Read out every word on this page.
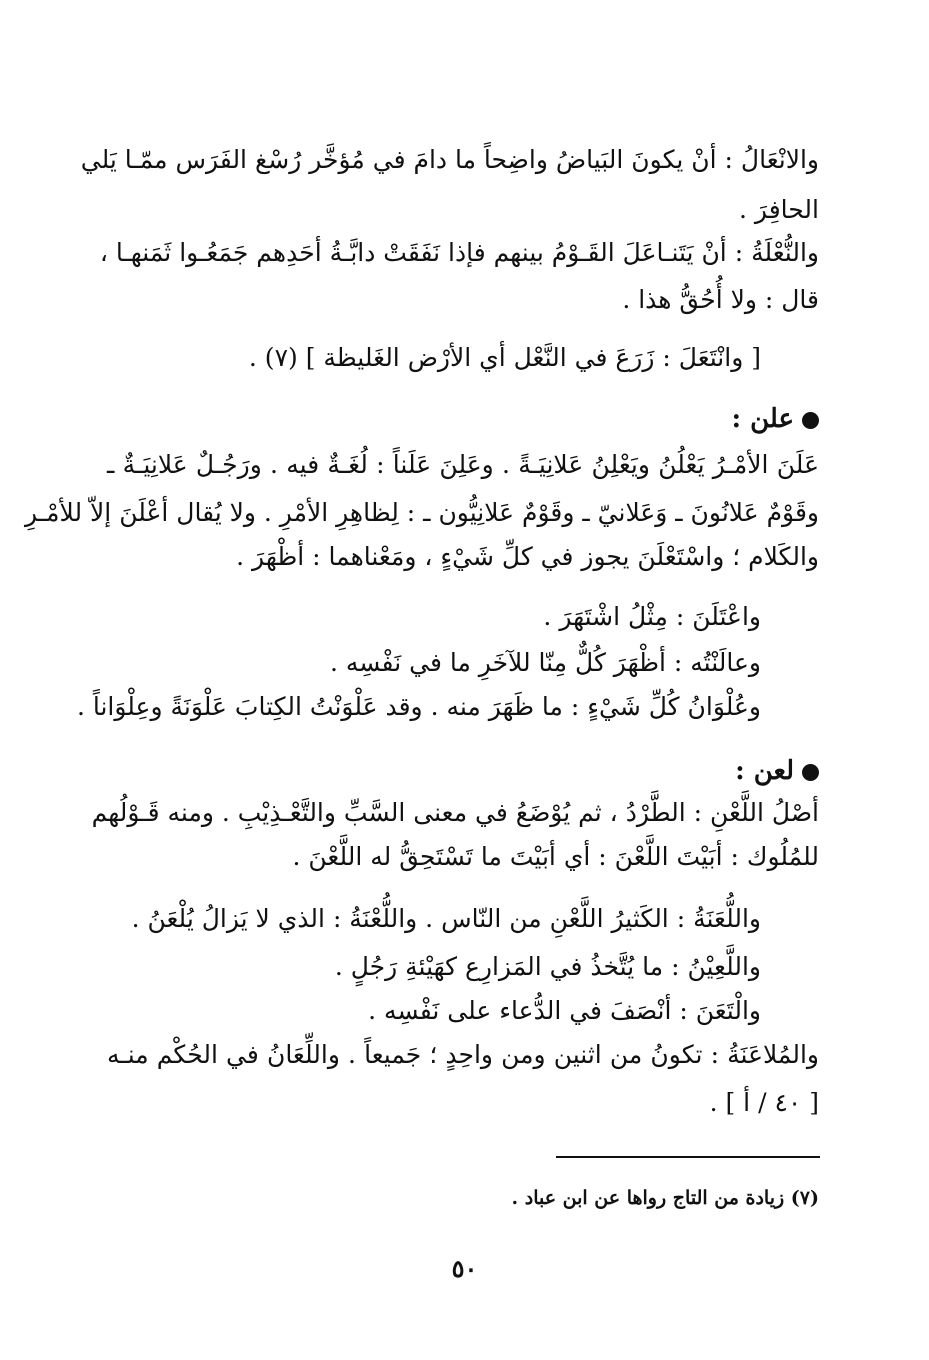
والانْعَالُ : أنْ يكونَ البَياضُ واضِحاً ما دامَ في مُؤخَّر رُسْغ الفَرَس ممّـا يَلي
الحافِرَ .
والنُّعْلَةُ : أنْ يَتَنـاعَلَ القَـوْمُ بينهم فإذا نَفَقَتْ دابَّـةُ أحَدِهم جَمَعُـوا ثَمَنهـا ،
قال : ولا أُحُقُّ هذا .
[ وانْتَعَلَ : زَرَعَ في النَّعْل أي الأرْض الغَليظة ] (٧) .
علن :
عَلَنَ الأمْـرُ يَعْلُنُ ويَعْلِنُ عَلانِيَـةً . وعَلِنَ عَلَناً : لُغَـةٌ فيه . ورَجُـلٌ عَلانِيَـةٌ ـ
وقَوْمٌ عَلانُونَ ـ وَعَلانيّ ـ وقَوْمٌ عَلانِيُّون ـ : لِظاهِرِ الأمْرِ . ولا يُقال أعْلَنَ إلاّ للأمْـرِ
والكَلام ؛ واسْتَعْلَنَ يجوز في كلِّ شَيْءٍ ، ومَعْناهما : أظْهَرَ .
واعْتَلَنَ : مِثْلُ اشْتَهَرَ .
وعالَنْتُه : أظْهَرَ كُلٌّ مِنّا للآخَرِ ما في نَفْسِه .
وعُلْوَانُ كُلِّ شَيْءٍ : ما ظَهَرَ منه . وقد عَلْوَنْتُ الكِتابَ عَلْوَنَةً وعِلْوَاناً .
لعن :
أصْلُ اللَّعْنِ : الطَّرْدُ ، ثم يُوْضَعُ في معنى السَّبِّ والتَّعْـذِيْبِ . ومنه قَـوْلُهم
للمُلُوك : أبَيْتَ اللَّعْنَ : أي أبَيْتَ ما تَسْتَحِقُّ له اللَّعْنَ .
واللُّعَنَةُ : الكَثيرُ اللَّعْنِ من النّاس . واللُّعْنَةُ : الذي لا يَزالُ يُلْعَنُ .
واللَّعِيْنُ : ما يُتَّخذُ في المَزارِع كهَيْئةِ رَجُلٍ .
والْتَعَنَ : أنْصَفَ في الدُّعاء على نَفْسِه .
والمُلاعَنَةُ : تكونُ من اثنين ومن واحِدٍ ؛ جَميعاً . واللِّعَانُ في الحُكْم منـه
[ ٤٠ / أ ] .
(٧) زيادة من التاج رواها عن ابن عباد .
٥٠
